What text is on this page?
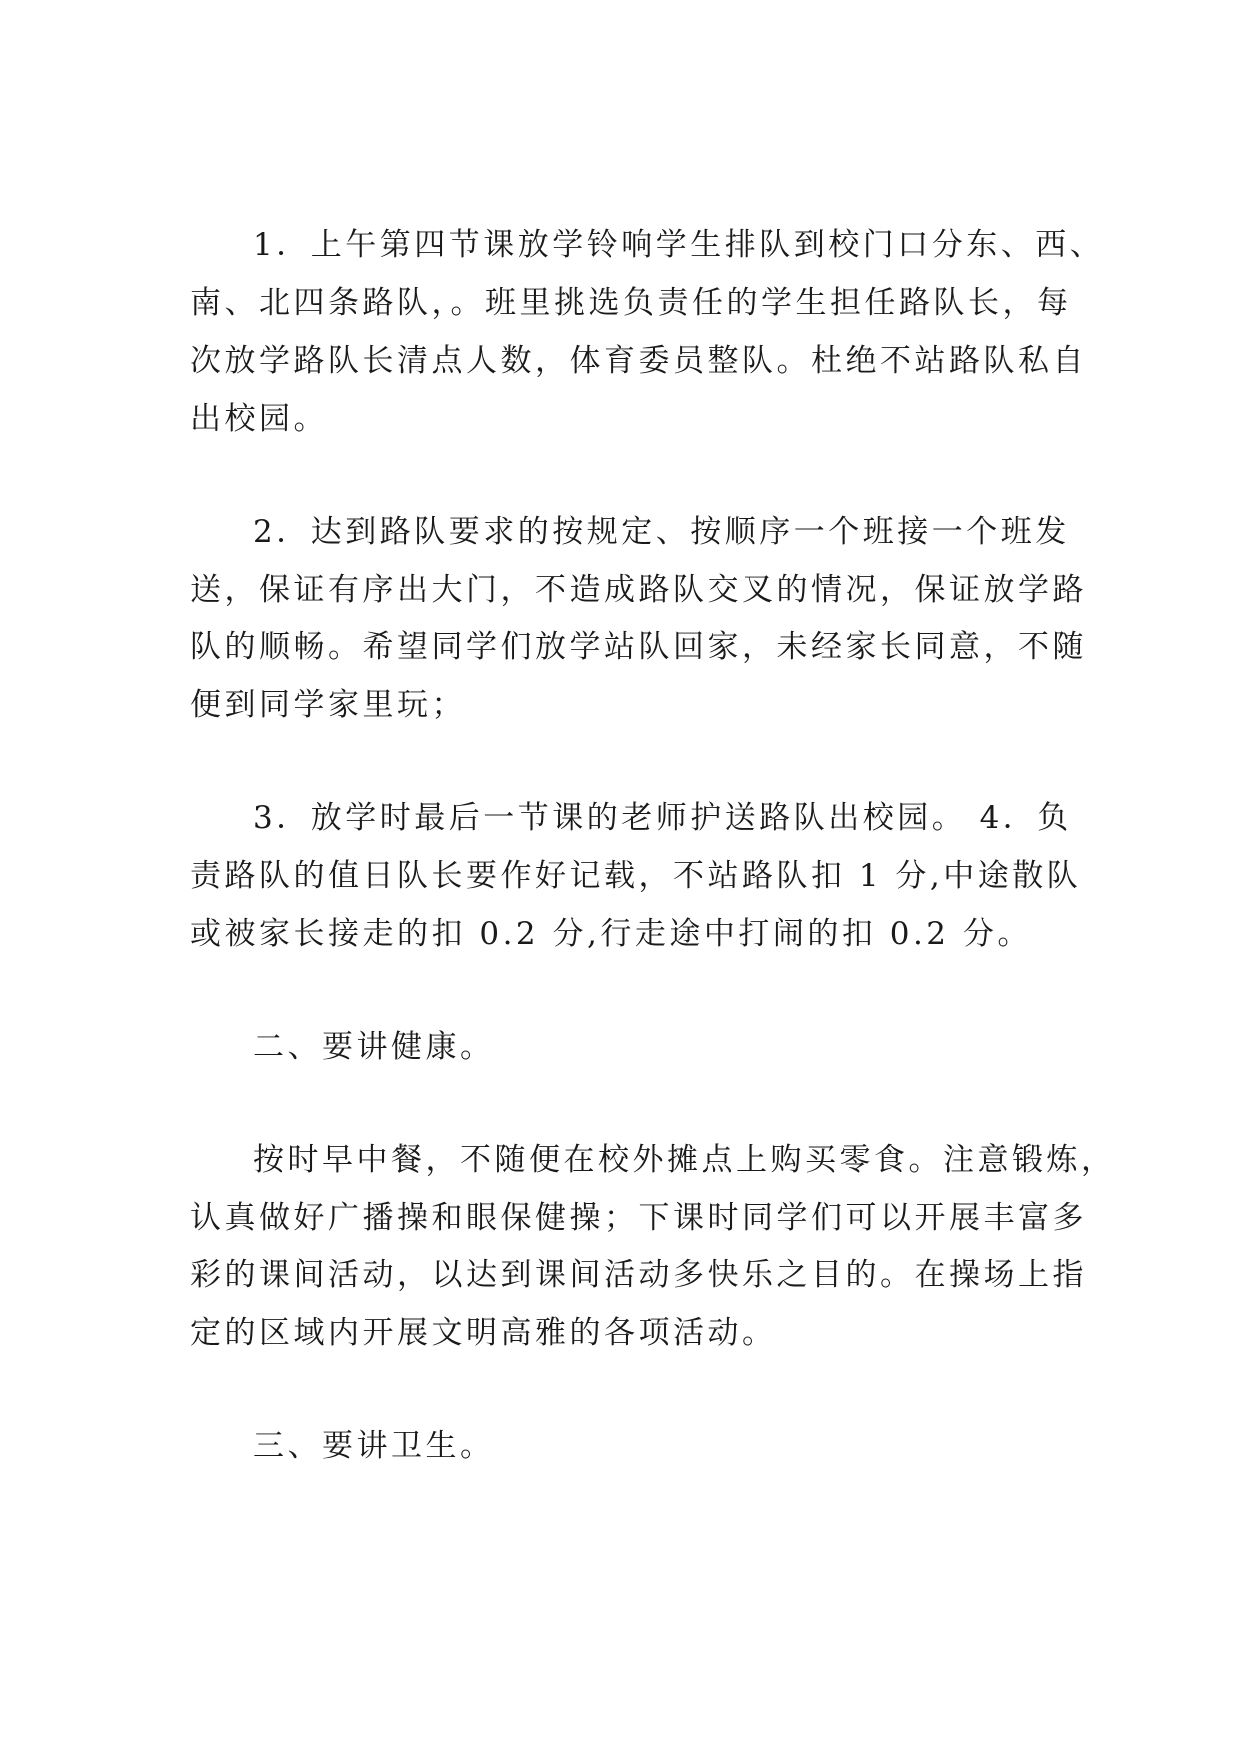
1．上午第四节课放学铃响学生排队到校门口分东、西、
南、北四条路队，。班里挑选负责任的学生担任路队长，每
次放学路队长清点人数，体育委员整队。杜绝不站路队私自
出校园。
2．达到路队要求的按规定、按顺序一个班接一个班发
送，保证有序出大门，不造成路队交叉的情况，保证放学路
队的顺畅。希望同学们放学站队回家，未经家长同意，不随
便到同学家里玩；
3．放学时最后一节课的老师护送路队出校园。 4．负
责路队的值日队长要作好记载，不站路队扣 1 分,中途散队
或被家长接走的扣 0.2 分,行走途中打闹的扣 0.2 分。
二、要讲健康。
按时早中餐，不随便在校外摊点上购买零食。注意锻炼，
认真做好广播操和眼保健操；下课时同学们可以开展丰富多
彩的课间活动，以达到课间活动多快乐之目的。在操场上指
定的区域内开展文明高雅的各项活动。
三、要讲卫生。
